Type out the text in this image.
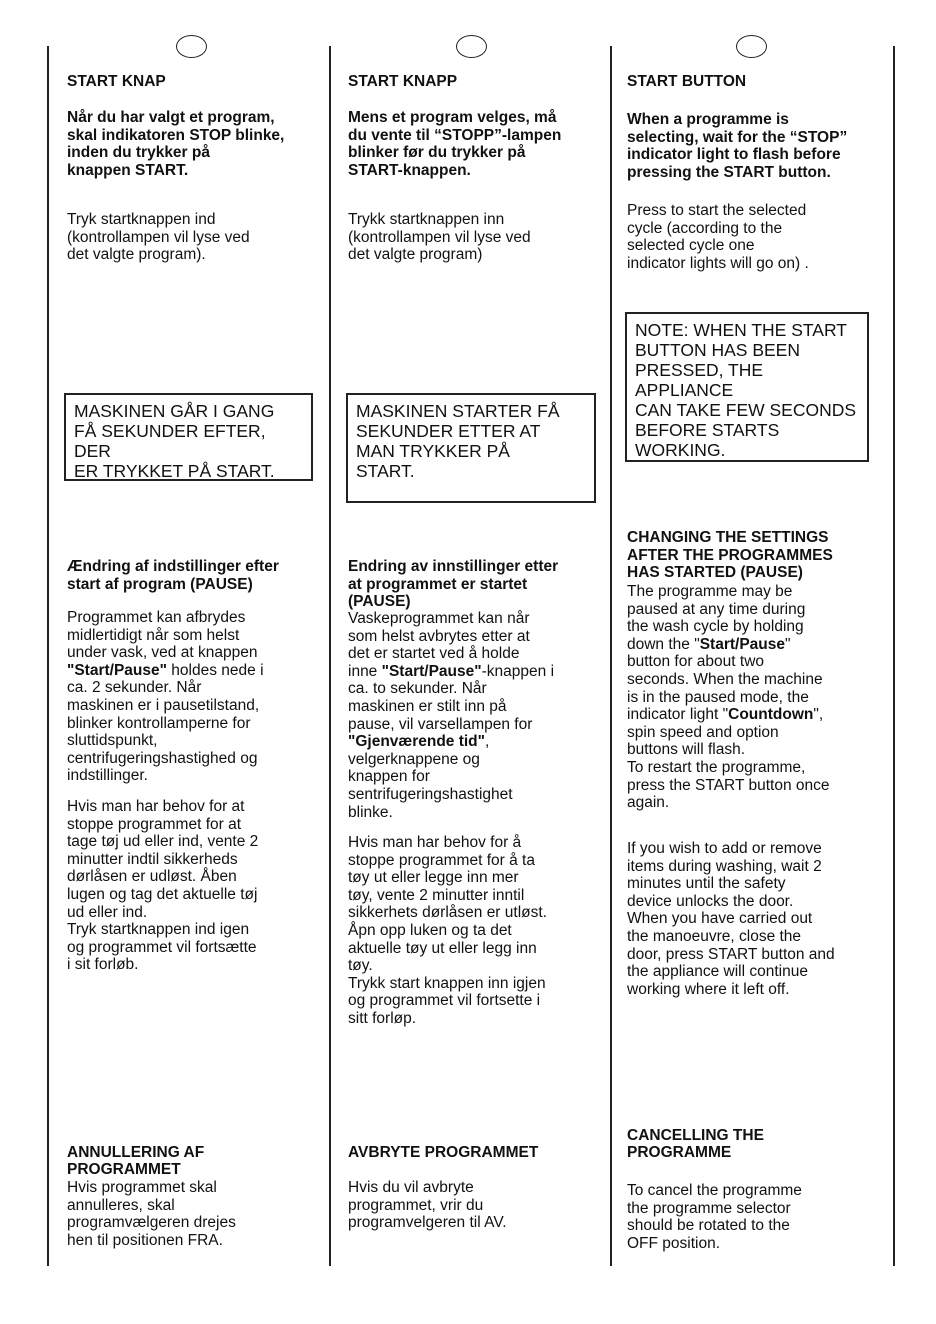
START KNAP
Når du har valgt et program,
skal indikatoren STOP blinke,
inden du trykker på
knappen START.
Tryk startknappen ind
(kontrollampen vil lyse ved
det valgte program).
MASKINEN GÅR I GANG
FÅ SEKUNDER EFTER, DER
ER TRYKKET PÅ START.
Ændring af indstillinger efter
start af program (PAUSE)
Programmet kan afbrydes
midlertidigt når som helst
under vask, ved at knappen
"Start/Pause" holdes nede i
ca. 2 sekunder. Når
maskinen er i pausetilstand,
blinker kontrollamperne for
sluttidspunkt,
centrifugeringshastighed og
indstillinger.
Hvis man har behov for at
stoppe programmet for at
tage tøj ud eller ind, vente 2
minutter indtil sikkerheds
dørlåsen er udløst. Åben
lugen og tag det aktuelle tøj
ud eller ind.
Tryk startknappen ind igen
og programmet vil fortsætte
i sit forløb.
ANNULLERING AF
PROGRAMMET
Hvis programmet skal
annulleres, skal
programvælgeren drejes
hen til positionen FRA.
START KNAPP
Mens et program velges, må
du vente til “STOPP”-lampen
blinker før du trykker på
START-knappen.
Trykk startknappen inn
(kontrollampen vil lyse ved
det valgte program)
MASKINEN STARTER FÅ
SEKUNDER ETTER AT
MAN TRYKKER PÅ
START.
Endring av innstillinger etter
at programmet er startet
(PAUSE)
Vaskeprogrammet kan når
som helst avbrytes etter at
det er startet ved å holde
inne "Start/Pause"-knappen i
ca. to sekunder. Når
maskinen er stilt inn på
pause, vil varsellampen for
"Gjenværende tid",
velgerknappene og
knappen for
sentrifugeringshastighet
blinke.
Hvis man har behov for å
stoppe programmet for å ta
tøy ut eller legge inn mer
tøy, vente 2 minutter inntil
sikkerhets dørlåsen er utløst.
Åpn opp luken og ta det
aktuelle tøy ut eller legg inn
tøy.
Trykk start knappen inn igjen
og programmet vil fortsette i
sitt forløp.
AVBRYTE PROGRAMMET
Hvis du vil avbryte
programmet, vrir du
programvelgeren til AV.
START BUTTON
When a programme is
selecting, wait for the “STOP”
indicator light to flash before
pressing the START button.
Press to start the selected
cycle (according to the
selected cycle one
indicator lights will go on) .
NOTE: WHEN THE START
BUTTON HAS BEEN
PRESSED, THE APPLIANCE
CAN TAKE FEW SECONDS
BEFORE STARTS
WORKING.
CHANGING THE SETTINGS
AFTER THE PROGRAMMES
HAS STARTED (PAUSE)
The programme may be
paused at any time during
the wash cycle by holding
down the "Start/Pause"
button for about two
seconds. When the machine
is in the paused mode, the
indicator light "Countdown",
spin speed and option
buttons will flash.
To restart the programme,
press the START button once
again.
If you wish to add or remove
items during washing, wait 2
minutes until the safety
device unlocks the door.
When you have carried out
the manoeuvre, close the
door, press START button and
the appliance will continue
working where it left off.
CANCELLING THE
PROGRAMME
To cancel the programme
the programme selector
should be rotated to the
OFF position.
